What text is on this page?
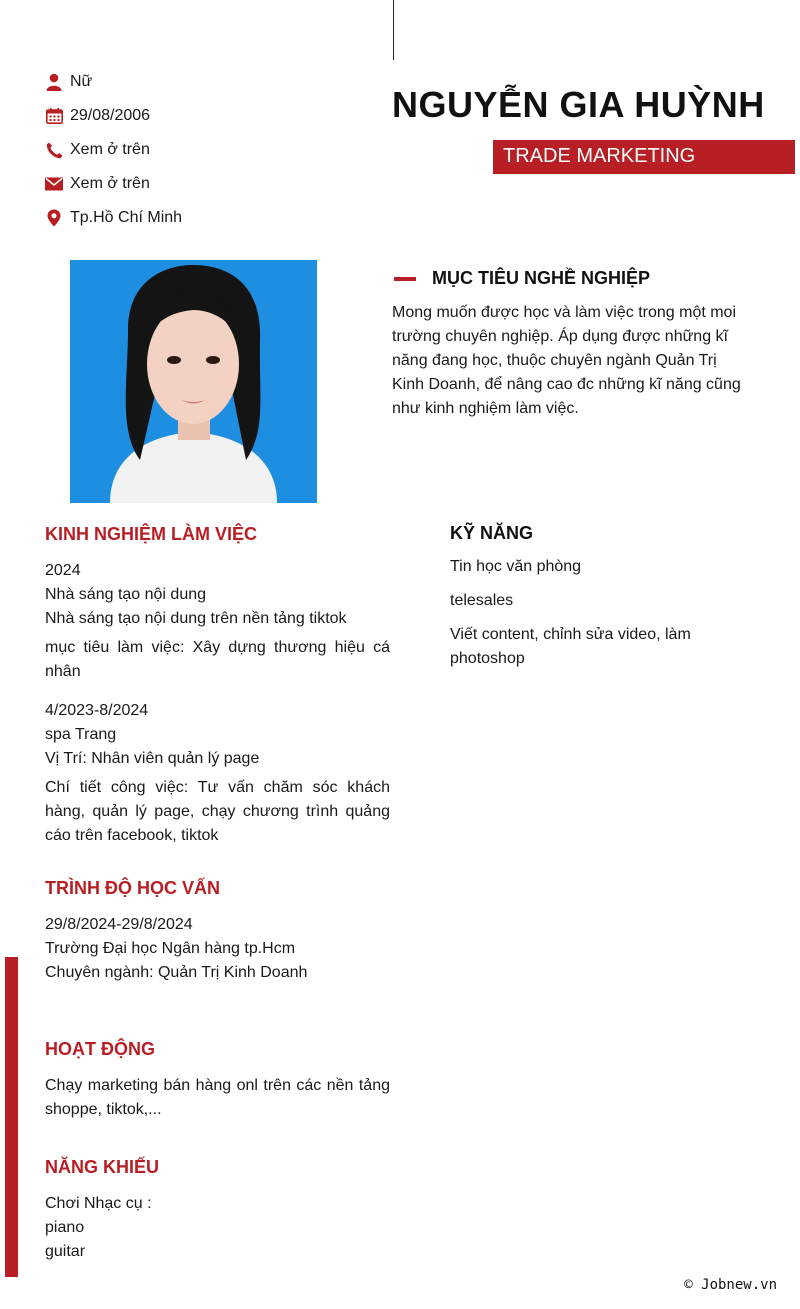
Nữ
29/08/2006
Xem ở trên
Xem ở trên
Tp.Hồ Chí Minh
NGUYỄN GIA HUỲNH
TRADE MARKETING
MỤC TIÊU NGHỀ NGHIỆP
Mong muốn được học và làm việc trong một moi trường chuyên nghiệp. Áp dụng được những kĩ năng đang học, thuộc chuyên ngành Quản Trị Kinh Doanh, để nâng cao đc những kĩ năng cũng như kinh nghiệm làm việc.
KINH NGHIỆM LÀM VIỆC
2024
Nhà sáng tạo nội dung
Nhà sáng tạo nội dung trên nền tảng tiktok
mục tiêu làm việc: Xây dựng thương hiệu cá nhân
4/2023-8/2024
spa Trang
Vị Trí: Nhân viên quản lý page
Chí tiết công việc: Tư vấn chăm sóc khách hàng, quản lý page, chạy chương trình quảng cáo trên facebook, tiktok
TRÌNH ĐỘ HỌC VẤN
29/8/2024-29/8/2024
Trường Đại học Ngân hàng tp.Hcm
Chuyên ngành: Quản Trị Kinh Doanh
HOẠT ĐỘNG
Chạy marketing bán hàng onl trên các nền tảng shoppe, tiktok,...
NĂNG KHIẾU
Chơi Nhạc cụ :
piano
guitar
KỸ NĂNG
Tin học văn phòng
telesales
Viết content, chỉnh sửa video, làm photoshop
© Jobnew.vn
